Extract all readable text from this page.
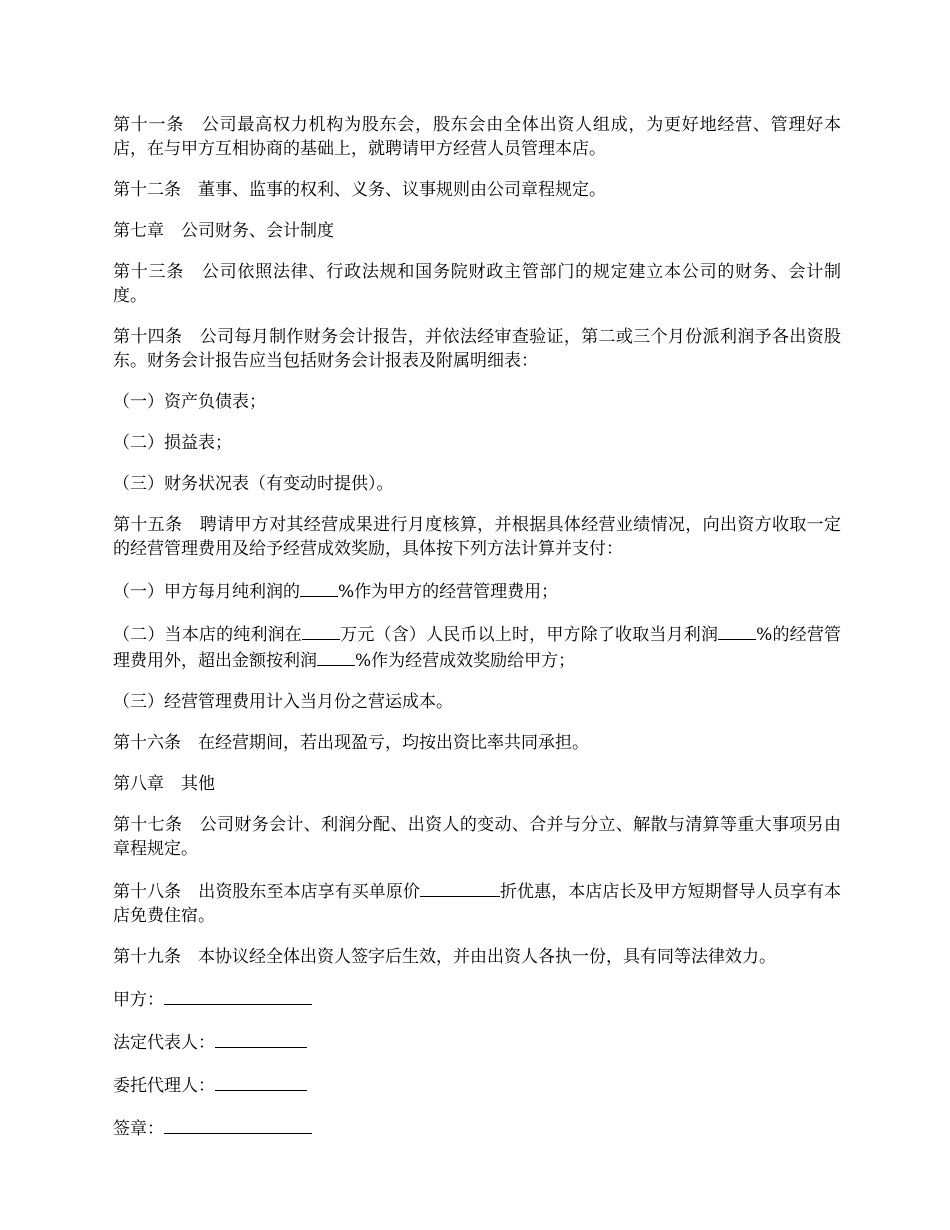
第十一条　公司最高权力机构为股东会，股东会由全体出资人组成，为更好地经营、管理好本店，在与甲方互相协商的基础上，就聘请甲方经营人员管理本店。

第十二条　董事、监事的权利、义务、议事规则由公司章程规定。

第七章　公司财务、会计制度

第十三条　公司依照法律、行政法规和国务院财政主管部门的规定建立本公司的财务、会计制度。

第十四条　公司每月制作财务会计报告，并依法经审查验证，第二或三个月份派利润予各出资股东。财务会计报告应当包括财务会计报表及附属明细表：

（一）资产负债表；

（二）损益表；

（三）财务状况表（有变动时提供）。

第十五条　聘请甲方对其经营成果进行月度核算，并根据具体经营业绩情况，向出资方收取一定的经营管理费用及给予经营成效奖励，具体按下列方法计算并支付：

（一）甲方每月纯利润的 %作为甲方的经营管理费用；

（二）当本店的纯利润在 万元（含）人民币以上时，甲方除了收取当月利润 %的经营管理费用外，超出金额按利润 %作为经营成效奖励给甲方；

（三）经营管理费用计入当月份之营运成本。

第十六条　在经营期间，若出现盈亏，均按出资比率共同承担。

第八章　其他

第十七条　公司财务会计、利润分配、出资人的变动、合并与分立、解散与清算等重大事项另由章程规定。

第十八条　出资股东至本店享有买单原价	折优惠，本店店长及甲方短期督导人员享有本店免费住宿。

第十九条　本协议经全体出资人签字后生效，并由出资人各执一份，具有同等法律效力。

甲方：
法定代表人：
委托代理人：
签章：
